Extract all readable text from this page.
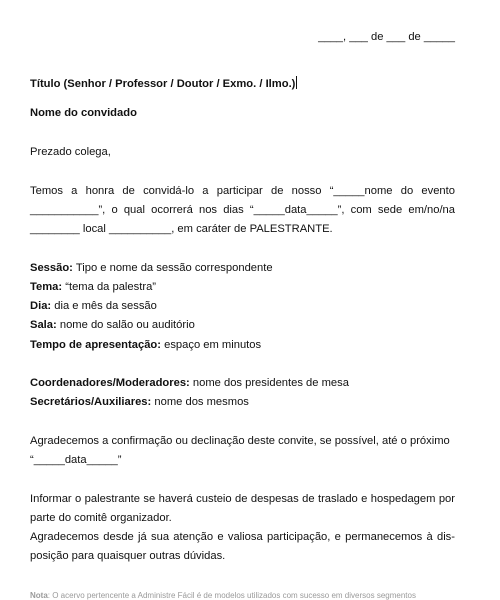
____, ___ de ___ de _____
Título (Senhor / Professor / Doutor / Exmo. / Ilmo.)
Nome do convidado
Prezado colega,
Temos a honra de convidá-lo a participar de nosso “_____nome do evento
___________”, o qual ocorrerá nos dias “_____data_____”, com sede em/no/na
________ local __________, em caráter de PALESTRANTE.
Sessão: Tipo e nome da sessão correspondente
Tema: “tema da palestra”
Dia: dia e mês da sessão
Sala: nome do salão ou auditório
Tempo de apresentação: espaço em minutos
Coordenadores/Moderadores: nome dos presidentes de mesa
Secretários/Auxiliares: nome dos mesmos
Agradecemos a confirmação ou declinação deste convite, se possível, até o próximo
“_____data_____”
Informar o palestrante se haverá custeio de despesas de traslado e hospedagem por
parte do comitê organizador.
Agradecemos desde já sua atenção e valiosa participação, e permanecemos à dis-
posição para quaisquer outras dúvidas.
Nota: O acervo pertencente a Administre Fácil é de modelos utilizados com sucesso em diversos segmentos
